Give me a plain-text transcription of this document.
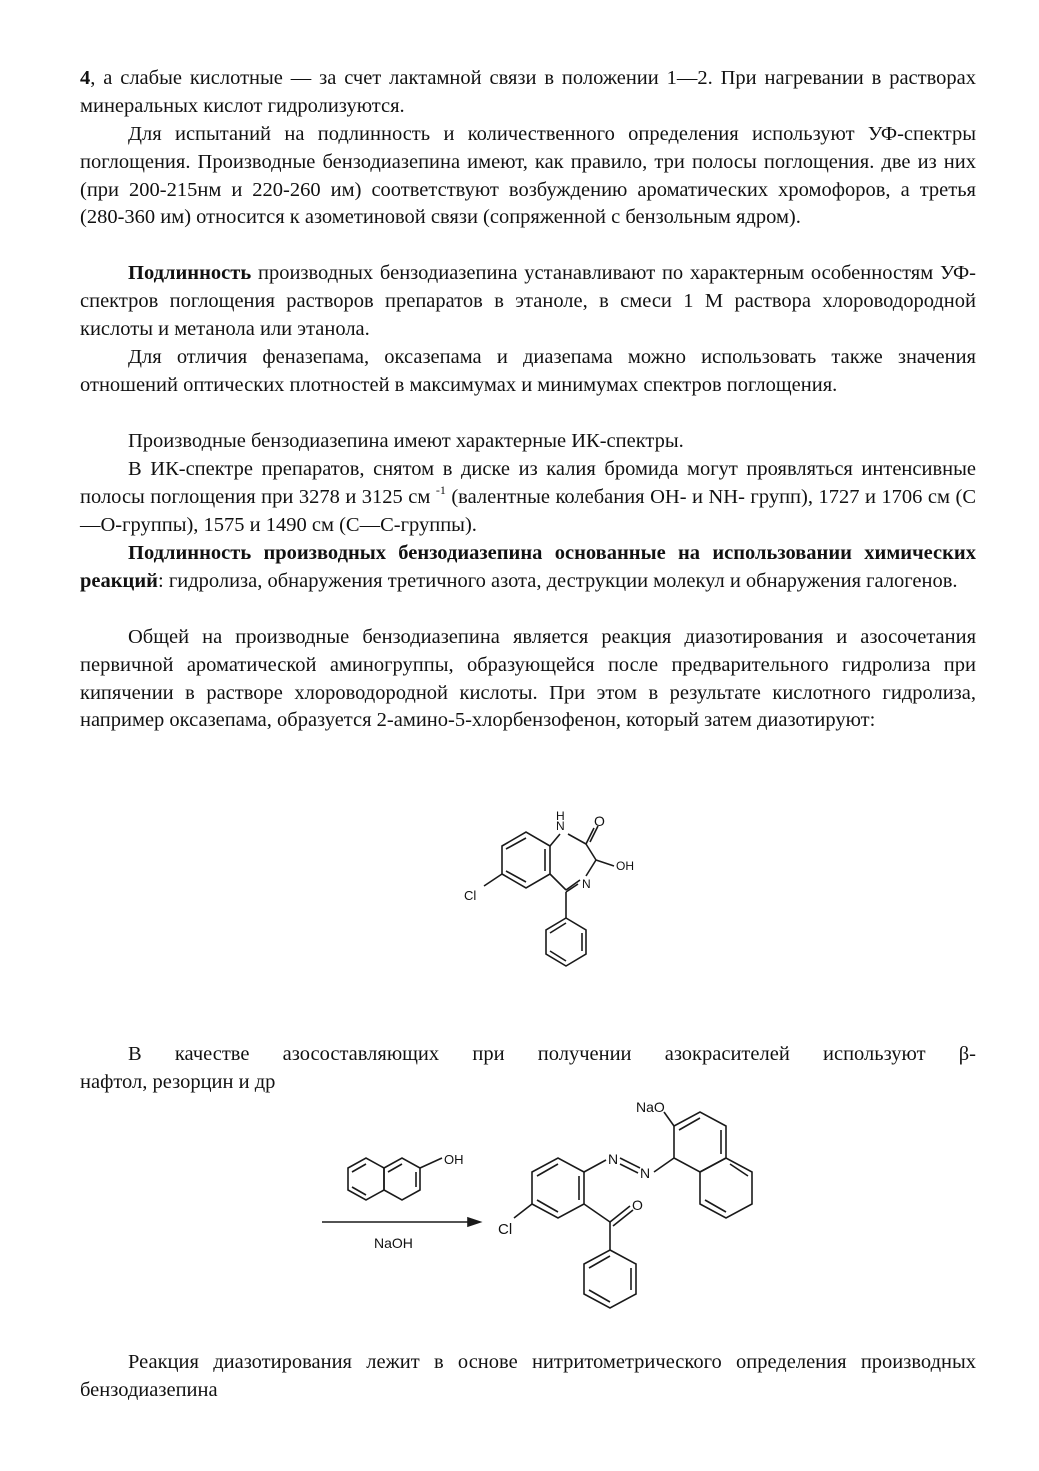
4, а слабые кислотные — за счет лактамной связи в положении 1—2. При нагревании в растворах минеральных кислот гидролизуются.

Для испытаний на подлинность и количественного определения используют УФ-спектры поглощения. Производные бензодиазепина имеют, как правило, три полосы поглощения. две из них (при 200-215нм и 220-260 им) соответствуют возбуждению ароматических хромофоров, а третья (280-360 им) относится к азометиновой связи (сопряженной с бензольным ядром).

Подлинность производных бензодиазепина устанавливают по характерным особенностям УФ-спектров поглощения растворов препаратов в этаноле, в смеси 1 М раствора хлороводородной кислоты и метанола или этанола.

Для отличия феназепама, оксазепама и диазепама можно использовать также значения отношений оптических плотностей в максимумах и минимумах спектров поглощения.

Производные бензодиазепина имеют характерные ИК-спектры.

В ИК-спектре препаратов, снятом в диске из калия бромида могут проявляться интенсивные полосы поглощения при 3278 и 3125 см $^{-1}$ (валентные колебания ОН- и NH- групп), 1727 и 1706 см (С—О-группы), 1575 и 1490 см (С—С-группы).

Подлинность производных бензодиазепина основанные на использовании химических реакций: гидролиза, обнаружения третичного азота, деструкции молекул и обнаружения галогенов.

Общей на производные бензодиазепина является реакция диазотирования и азосочетания первичной ароматической аминогруппы, образующейся после предварительного гидролиза при кипячении в растворе хлороводородной кислоты. При этом в результате кислотного гидролиза, например оксазепама, образуется 2-амино-5-хлорбензофенон, который затем диазотируют:

Cl
O
N
H
OH
N

В качестве азосоставляющих при получении азокрасителей используют β-

нафтол, резорцин и др

OH
NaOH
Cl
N
N
NaO
O

Реакция диазотирования лежит в основе нитритометрического определения производных бензодиазепина
